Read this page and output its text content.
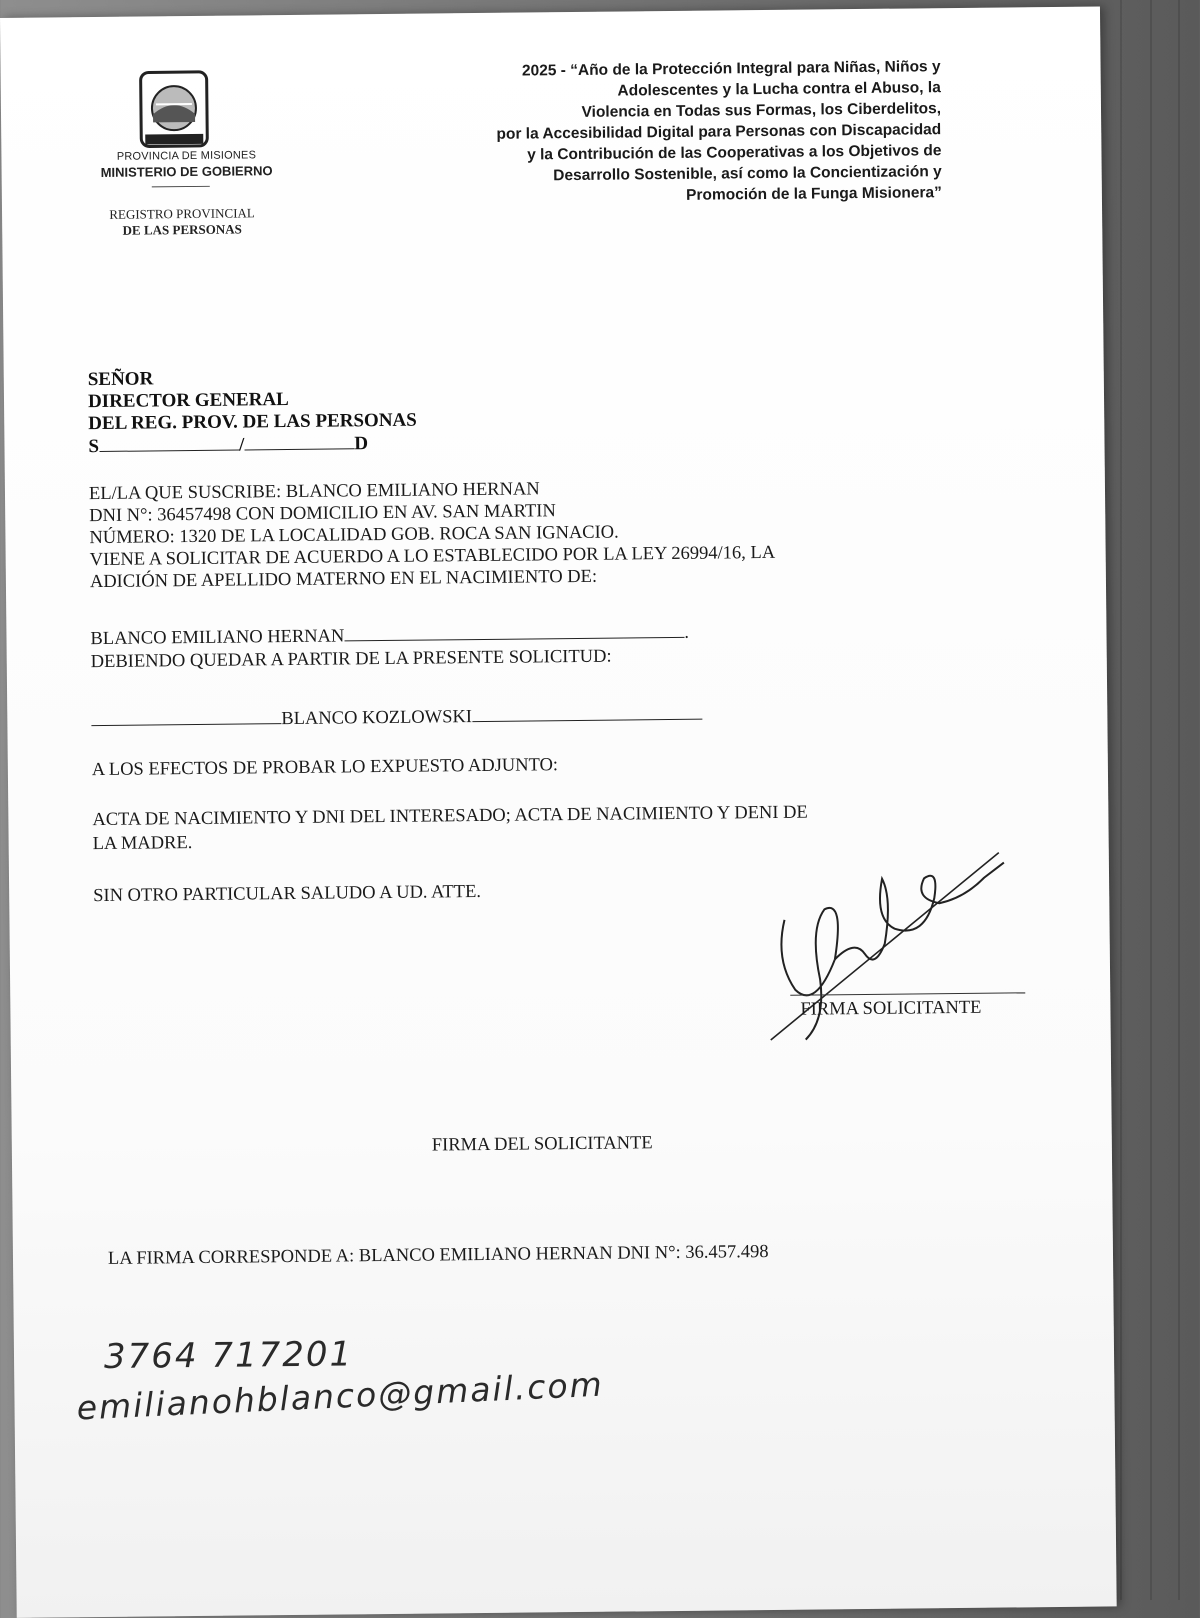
PROVINCIA DE MISIONES
MINISTERIO DE GOBIERNO
REGISTRO PROVINCIAL
DE LAS PERSONAS
2025 - “Año de la Protección Integral para Niñas, Niños y
Adolescentes y la Lucha contra el Abuso, la
Violencia en Todas sus Formas, los Ciberdelitos,
por la Accesibilidad Digital para Personas con Discapacidad
y la Contribución de las Cooperativas a los Objetivos de
Desarrollo Sostenible, así como la Concientización y
Promoción de la Funga Misionera”
SEÑOR
DIRECTOR GENERAL
DEL REG. PROV. DE LAS PERSONAS
S	/	D
EL/LA QUE SUSCRIBE: BLANCO EMILIANO HERNAN
DNI N°: 36457498 CON DOMICILIO EN AV. SAN MARTIN
NÚMERO: 1320 DE LA LOCALIDAD GOB. ROCA SAN IGNACIO.
VIENE A SOLICITAR DE ACUERDO A LO ESTABLECIDO POR LA LEY 26994/16, LA
ADICIÓN DE APELLIDO MATERNO EN EL NACIMIENTO DE:
BLANCO EMILIANO HERNAN	.
DEBIENDO QUEDAR A PARTIR DE LA PRESENTE SOLICITUD:
BLANCO KOZLOWSKI
A LOS EFECTOS DE PROBAR LO EXPUESTO ADJUNTO:
ACTA DE NACIMIENTO Y DNI DEL INTERESADO; ACTA DE NACIMIENTO Y DENI DE
LA MADRE.
SIN OTRO PARTICULAR SALUDO A UD. ATTE.
FIRMA SOLICITANTE
FIRMA DEL SOLICITANTE
LA FIRMA CORRESPONDE A: BLANCO EMILIANO HERNAN DNI N°: 36.457.498
3764 717201
emilianohblanco@gmail.com
